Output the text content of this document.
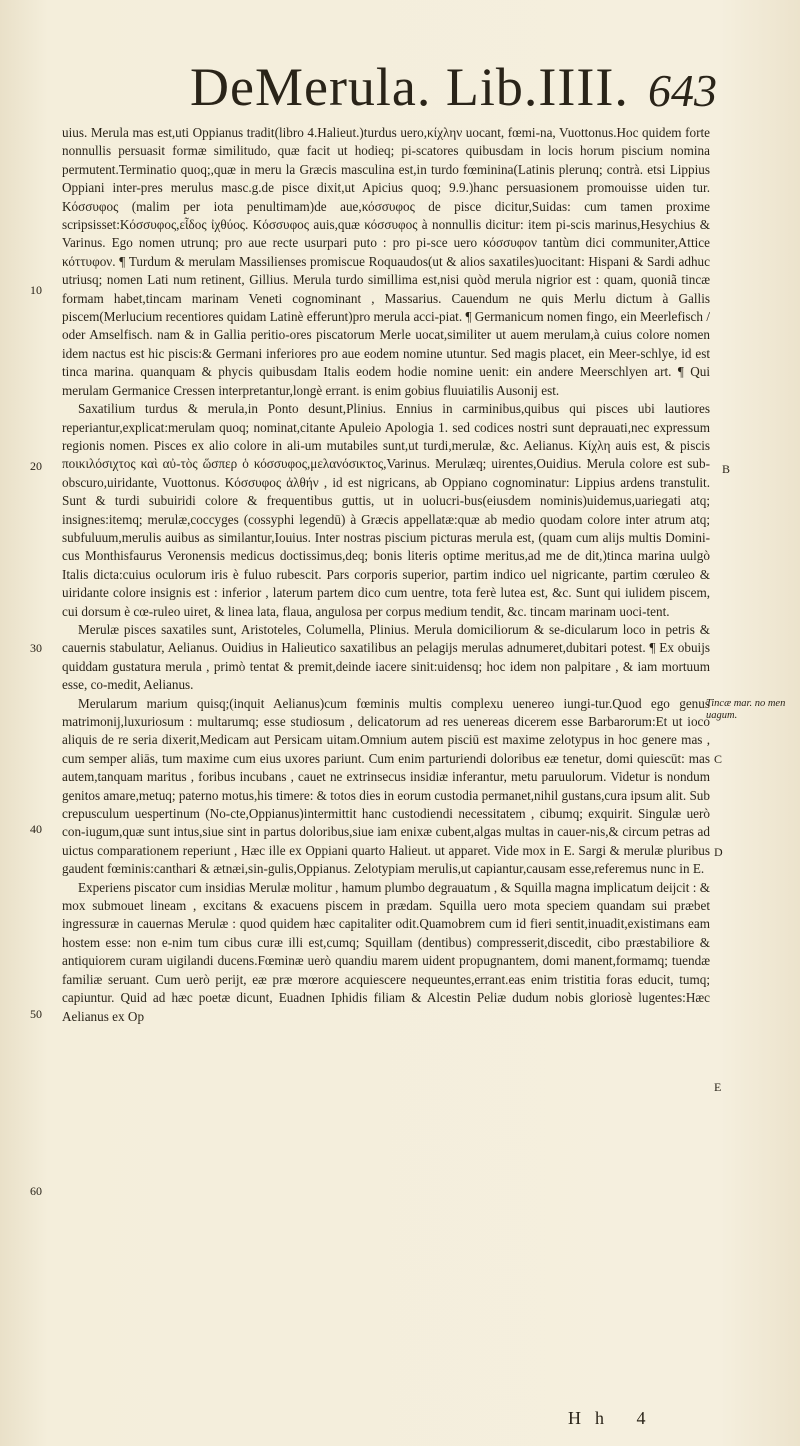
DeMerula. Lib.IIII. 643

uius. Merula mas est,uti Oppianus tradit(libro 4.Halieut.)turdus uero,κίχλην uocant, fœmi-na, Vuottonus.Hoc quidem forte nonnullis persuasit formæ similitudo, quæ facit ut hodieq; pi-scatores quibusdam in locis horum piscium nomina permutent.Terminatio quoq;,quæ in meru la Græcis masculina est,in turdo fœminina(Latinis plerunq; contrà. etsi Lippius Oppiani inter-pres merulus masc.g.de pisce dixit,ut Apicius quoq; 9.9.)hanc persuasionem promouisse uiden tur. Κόσσυφος (malim per iota penultimam)de aue,κόσσυφος de pisce dicitur,Suidas: cum tamen proxime scripsisset:Κόσσυφος,εἶδος ἰχθύος. Κόσσυφος auis,quæ κόσσυφος à nonnullis dicitur: item pi-scis marinus,Hesychius & Varinus. Ego nomen utrunq; pro aue recte usurpari puto : pro pi-sce uero κόσσυφον tantùm dici communiter,Attice κόττυφον. ¶ Turdum & merulam Massilienses promiscue Roquaudos(ut & alios saxatiles)uocitant: Hispani & Sardi adhuc utriusq; nomen Lati num retinent, Gillius. Merula turdo simillima est,nisi quòd merula nigrior est : quam, quoniã tincæ formam habet,tincam marinam Veneti cognominant , Massarius. Cauendum ne quis Merlu dictum à Gallis piscem(Merlucium recentiores quidam Latinè efferunt)pro merula acci-piat. ¶ Germanicum nomen fingo, ein Meerlefisch / oder Amselfisch. nam & in Gallia peritio-ores piscatorum Merle uocat,similiter ut auem merulam,à cuius colore nomen idem nactus est hic piscis:& Germani inferiores pro aue eodem nomine utuntur. Sed magis placet, ein Meer-schlye, id est tinca marina. quanquam & phycis quibusdam Italis eodem hodie nomine uenit: ein andere Meerschlyen art. ¶ Qui merulam Germanice Cressen interpretantur,longè errant. is enim gobius fluuiatilis Ausonij est.

Saxatilium turdus & merula,in Ponto desunt,Plinius. Ennius in carminibus,quibus qui pisces ubi lautiores reperiantur,explicat:merulam quoq; nominat,citante Apuleio Apologia 1. sed codices nostri sunt deprauati,nec expressum regionis nomen. Pisces ex alio colore in ali-um mutabiles sunt,ut turdi,merulæ, &c. Aelianus. Κίχλη auis est, & piscis ποικιλόσιχτος καὶ αὐ-τὸς ὥσπερ ὁ κόσσυφος,μελανόσικτος,Varinus. Merulæq; uirentes,Ouidius. Merula colore est sub-obscuro,uiridante, Vuottonus. Κόσσυφος ἀλθήν , id est nigricans, ab Oppiano cognominatur: Lippius ardens transtulit. Sunt & turdi subuiridi colore & frequentibus guttis, ut in uolucri-bus(eiusdem nominis)uidemus,uariegati atq; insignes:itemq; merulæ,coccyges (cossyphi legendū) à Græcis appellatæ:quæ ab medio quodam colore inter atrum atq; subfuluum,merulis auibus as similantur,Iouius. Inter nostras piscium picturas merula est, (quam cum alijs multis Domini-cus Monthisfaurus Veronensis medicus doctissimus,deq; bonis literis optime meritus,ad me de dit,)tinca marina uulgò Italis dicta:cuius oculorum iris è fuluo rubescit. Pars corporis superior, partim indico uel nigricante, partim cœruleo & uiridante colore insignis est : inferior , laterum partem dico cum uentre, tota ferè lutea est, &c. Sunt qui iulidem piscem, cui dorsum è cœ-ruleo uiret, & linea lata, flaua, angulosa per corpus medium tendit, &c. tincam marinam uoci-tent.

Merulæ pisces saxatiles sunt, Aristoteles, Columella, Plinius. Merula domiciliorum & se-dicularum loco in petris & cauernis stabulatur, Aelianus. Ouidius in Halieutico saxatilibus an pelagijs merulas adnumeret,dubitari potest. ¶ Ex obuijs quiddam gustatura merula , primò tentat & premit,deinde iacere sinit:uidensq; hoc idem non palpitare , & iam mortuum esse, co-medit, Aelianus.

Merularum marium quisq;(inquit Aelianus)cum fœminis multis complexu uenereo iungi-tur.Quod ego genus matrimonij,luxuriosum : multarumq; esse studiosum , delicatorum ad res uenereas dicerem esse Barbarorum:Et ut ioco aliquis de re seria dixerit,Medicam aut Persicam uitam.Omnium autem pisciū est maxime zelotypus in hoc genere mas , cum semper aliās, tum maxime cum eius uxores pariunt. Cum enim parturiendi doloribus eæ tenetur, domi quiescūt: mas autem,tanquam maritus , foribus incubans , cauet ne extrinsecus insidiæ inferantur, metu paruulorum. Videtur is nondum genitos amare,metuq; paterno motus,his timere: & totos dies in eorum custodia permanet,nihil gustans,cura ipsum alit. Sub crepusculum uespertinum (No-cte,Oppianus)intermittit hanc custodiendi necessitatem , cibumq; exquirit. Singulæ uerò con-iugum,quæ sunt intus,siue sint in partus doloribus,siue iam enixæ cubent,algas multas in cauer-nis,& circum petras ad uictus comparationem reperiunt , Hæc ille ex Oppiani quarto Halieut. ut apparet. Vide mox in E. Sargi & merulæ pluribus gaudent fœminis:canthari & ætnæi,sin-gulis,Oppianus. Zelotypiam merulis,ut capiantur,causam esse,referemus nunc in E.

Experiens piscator cum insidias Merulæ molitur , hamum plumbo degrauatum , & Squilla magna implicatum deijcit : & mox submouet lineam , excitans & exacuens piscem in prædam. Squilla uero mota speciem quandam sui præbet ingressuræ in cauernas Merulæ : quod quidem hæc capitaliter odit.Quamobrem cum id fieri sentit,inuadit,existimans eam hostem esse: non e-nim tum cibus curæ illi est,cumq; Squillam (dentibus) compresserit,discedit, cibo præstabiliore & antiquiorem curam uigilandi ducens.Fœminæ uerò quandiu marem uident propugnantem, domi manent,formamq; tuendæ familiæ seruant. Cum uerò perijt, eæ præ mœrore acquiescere nequeuntes,errant.eas enim tristitia foras educit, tumq; capiuntur. Quid ad hæc poetæ dicunt, Euadnen Iphidis filiam & Alcestin Peliæ dudum nobis gloriosè lugentes:Hæc Aelianus ex Op

10
20
30
40
50
60
B
C
D
E
Tincæ mar. no men uagum.
Hh 4
